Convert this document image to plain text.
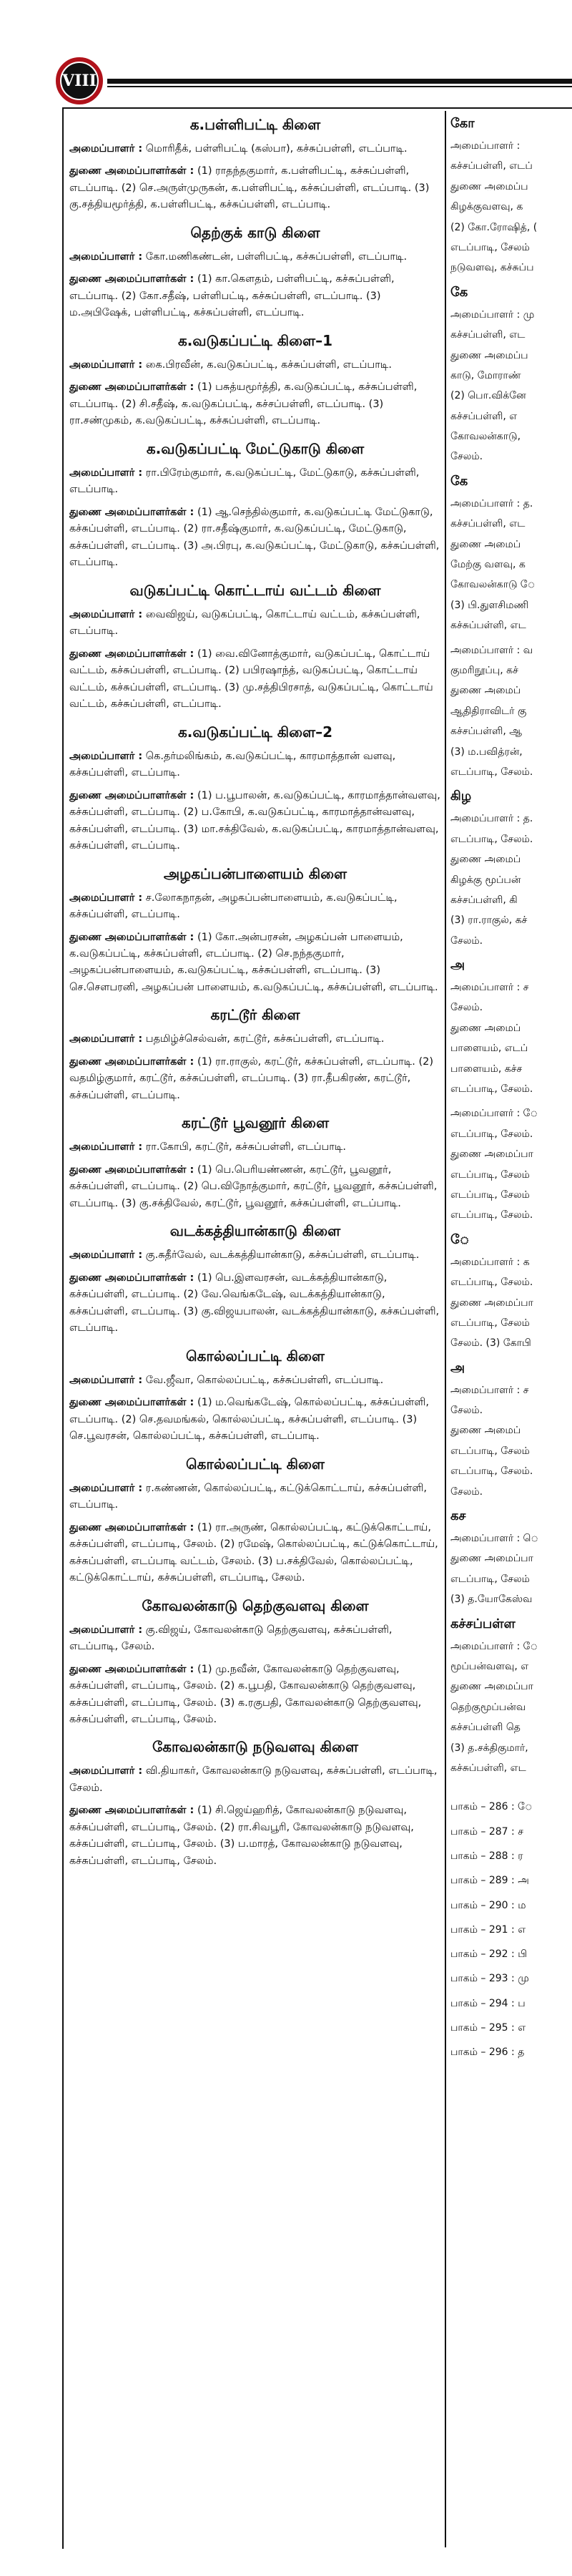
VIII
க.பள்ளிபட்டி கிளை

அமைப்பாளர் : மொரிதீக், பள்ளிபட்டி (கஸ்பா), கச்சுப்பள்ளி, எடப்பாடி.

துணை அமைப்பாளர்கள் : (1) ராதந்தகுமார், க.பள்ளிபட்டி, கச்சுப்பள்ளி, எடப்பாடி. (2) செ.அருள்முருகன், க.பள்ளிபட்டி, கச்சுப்பள்ளி, எடப்பாடி. (3) கு.சத்தியமூர்த்தி, க.பள்ளிபட்டி, கச்சுப்பள்ளி, எடப்பாடி.

தெற்குக் காடு கிளை

அமைப்பாளர் : கோ.மணிகண்டன், பள்ளிபட்டி, கச்சுப்பள்ளி, எடப்பாடி.

துணை அமைப்பாளர்கள் : (1) கா.கௌதம், பள்ளிபட்டி, கச்சுப்பள்ளி, எடப்பாடி. (2) கோ.சதீஷ், பள்ளிபட்டி, கச்சுப்பள்ளி, எடப்பாடி. (3) ம.அபிஷேக், பள்ளிபட்டி, கச்சுப்பள்ளி, எடப்பாடி.

க.வடுகப்பட்டி கிளை–1

அமைப்பாளர் : கை.பிரவீன், க.வடுகப்பட்டி, கச்சுப்பள்ளி, எடப்பாடி.

துணை அமைப்பாளர்கள் : (1) பசுத்யமூர்த்தி, க.வடுகப்பட்டி, கச்சுப்பள்ளி, எடப்பாடி. (2) சி.சதீஷ், க.வடுகப்பட்டி, கச்சப்பள்ளி, எடப்பாடி. (3) ரா.சண்முகம், க.வடுகப்பட்டி, கச்சுப்பள்ளி, எடப்பாடி.

க.வடுகப்பட்டி மேட்டுகாடு கிளை

அமைப்பாளர் : ரா.பிரேம்குமார், க.வடுகப்பட்டி, மேட்டுகாடு, கச்சுப்பள்ளி, எடப்பாடி.

துணை அமைப்பாளர்கள் : (1) ஆ.செந்தில்குமார், க.வடுகப்பட்டி மேட்டுகாடு, கச்சுப்பள்ளி, எடப்பாடி. (2) ரா.சதீஷ்குமார், க.வடுகப்பட்டி, மேட்டுகாடு, கச்சுப்பள்ளி, எடப்பாடி. (3) அ.பிரபு, க.வடுகப்பட்டி, மேட்டுகாடு, கச்சுப்பள்ளி, எடப்பாடி.

வடுகப்பட்டி கொட்டாய் வட்டம் கிளை

அமைப்பாளர் : வைவிஜய், வடுகப்பட்டி, கொட்டாய் வட்டம், கச்சுப்பள்ளி, எடப்பாடி.

துணை அமைப்பாளர்கள் : (1) வை.வினோத்குமார், வடுகப்பட்டி, கொட்டாய் வட்டம், கச்சுப்பள்ளி, எடப்பாடி. (2) பபிரஷாந்த், வடுகப்பட்டி, கொட்டாய் வட்டம், கச்சுப்பள்ளி, எடப்பாடி. (3) மு.சத்திபிரசாத், வடுகப்பட்டி, கொட்டாய் வட்டம், கச்சுப்பள்ளி, எடப்பாடி.

க.வடுகப்பட்டி கிளை–2

அமைப்பாளர் : கெ.தர்மலிங்கம், க.வடுகப்பட்டி, காரமாத்தான் வளவு, கச்சுப்பள்ளி, எடப்பாடி.

துணை அமைப்பாளர்கள் : (1) ப.பூபாலன், க.வடுகப்பட்டி, காரமாத்தான்வளவு, கச்சுப்பள்ளி, எடப்பாடி. (2) ப.கோபி, க.வடுகப்பட்டி, காரமாத்தான்வளவு, கச்சுப்பள்ளி, எடப்பாடி. (3) மா.சக்திவேல், க.வடுகப்பட்டி, காரமாத்தான்வளவு, கச்சுப்பள்ளி, எடப்பாடி.

அழகப்பன்பாளையம் கிளை

அமைப்பாளர் : ச.லோகநாதன், அழகப்பன்பாளையம், க.வடுகப்பட்டி, கச்சுப்பள்ளி, எடப்பாடி.

துணை அமைப்பாளர்கள் : (1) கோ.அன்பரசன், அழகப்பன் பாளையம், க.வடுகப்பட்டி, கச்சுப்பள்ளி, எடப்பாடி. (2) செ.நந்தகுமார், அழகப்பன்பாளையம், க.வடுகப்பட்டி, கச்சுப்பள்ளி, எடப்பாடி. (3) செ.சௌபரனி, அழகப்பன் பாளையம், க.வடுகப்பட்டி, கச்சுப்பள்ளி, எடப்பாடி.

கரட்டூர் கிளை

அமைப்பாளர் : பதமிழ்ச்செல்வன், கரட்டூர், கச்சுப்பள்ளி, எடப்பாடி.

துணை அமைப்பாளர்கள் : (1) ரா.ராகுல், கரட்டூர், கச்சுப்பள்ளி, எடப்பாடி. (2) வதமிழ்குமார், கரட்டூர், கச்சுப்பள்ளி, எடப்பாடி. (3) ரா.தீபகிரண், கரட்டூர், கச்சுப்பள்ளி, எடப்பாடி.

கரட்டூர் பூவனூர் கிளை

அமைப்பாளர் : ரா.கோபி, கரட்டூர், கச்சுப்பள்ளி, எடப்பாடி.

துணை அமைப்பாளர்கள் : (1) பெ.பெரியண்ணன், கரட்டூர், பூவனூர், கச்சுப்பள்ளி, எடப்பாடி. (2) பெ.விநோத்குமார், கரட்டூர், பூவனூர், கச்சுப்பள்ளி, எடப்பாடி. (3) கு.சக்திவேல், கரட்டூர், பூவனூர், கச்சுப்பள்ளி, எடப்பாடி.

வடக்கத்தியான்காடு கிளை

அமைப்பாளர் : கு.சுதீர்வேல், வடக்கத்தியான்காடு, கச்சுப்பள்ளி, எடப்பாடி.

துணை அமைப்பாளர்கள் : (1) பெ.இளவரசன், வடக்கத்தியான்காடு, கச்சுப்பள்ளி, எடப்பாடி. (2) வே.வெங்கடேஷ், வடக்கத்தியான்காடு, கச்சுப்பள்ளி, எடப்பாடி. (3) கு.விஜயபாலன், வடக்கத்தியான்காடு, கச்சுப்பள்ளி, எடப்பாடி.

கொல்லப்பட்டி கிளை

அமைப்பாளர் : வே.ஜீவா, கொல்லப்பட்டி, கச்சுப்பள்ளி, எடப்பாடி.

துணை அமைப்பாளர்கள் : (1) ம.வெங்கடேஷ், கொல்லப்பட்டி, கச்சுப்பள்ளி, எடப்பாடி. (2) செ.தவமங்கல், கொல்லப்பட்டி, கச்சுப்பள்ளி, எடப்பாடி. (3) செ.பூவரசன், கொல்லப்பட்டி, கச்சுப்பள்ளி, எடப்பாடி.

கொல்லப்பட்டி கிளை

அமைப்பாளர் : ர.கண்ணன், கொல்லப்பட்டி, கட்டுக்கொட்டாய், கச்சுப்பள்ளி, எடப்பாடி.

துணை அமைப்பாளர்கள் : (1) ரா.அருண், கொல்லப்பட்டி, கட்டுக்கொட்டாய், கச்சுப்பள்ளி, எடப்பாடி, சேலம். (2) ரமேஷ், கொல்லப்பட்டி, கட்டுக்கொட்டாய், கச்சுப்பள்ளி, எடப்பாடி வட்டம், சேலம். (3) ப.சக்திவேல், கொல்லப்பட்டி, கட்டுக்கொட்டாய், கச்சுப்பள்ளி, எடப்பாடி, சேலம்.

கோவலன்காடு தெற்குவளவு கிளை

அமைப்பாளர் : கு.விஜய், கோவலன்காடு தெற்குவளவு, கச்சுப்பள்ளி, எடப்பாடி, சேலம்.

துணை அமைப்பாளர்கள் : (1) மு.நவீன், கோவலன்காடு தெற்குவளவு, கச்சுப்பள்ளி, எடப்பாடி, சேலம். (2) க.பூபதி, கோவலன்காடு தெற்குவளவு, கச்சுப்பள்ளி, எடப்பாடி, சேலம். (3) க.ரகுபதி, கோவலன்காடு தெற்குவளவு, கச்சுப்பள்ளி, எடப்பாடி, சேலம்.

கோவலன்காடு நடுவளவு கிளை

அமைப்பாளர் : வி.தியாகர், கோவலன்காடு நடுவளவு, கச்சுப்பள்ளி, எடப்பாடி, சேலம்.

துணை அமைப்பாளர்கள் : (1) சி.ஜெய்ஹரித், கோவலன்காடு நடுவளவு, கச்சுப்பள்ளி, எடப்பாடி, சேலம். (2) ரா.சிவபூரி, கோவலன்காடு நடுவளவு, கச்சுப்பள்ளி, எடப்பாடி, சேலம். (3) ப.மாரத், கோவலன்காடு நடுவளவு, கச்சுப்பள்ளி, எடப்பாடி, சேலம்.

கோ

அமைப்பாளர் :

கச்சப்பள்ளி, எடப்

துணை அமைப்ப

கிழக்குவளவு, க

(2) கோ.ரோஷித், (

எடப்பாடி, சேலம்

நடுவளவு, கச்சுப்ப

கே

அமைப்பாளர் : மு

கச்சப்பள்ளி, எட

துணை அமைப்ப

காடு, மோராண்

(2) பொ.விக்னே

கச்சப்பள்ளி, எ

கோவலன்காடு,

சேலம்.

கே

அமைப்பாளர் : த.

கச்சப்பள்ளி, எட

துணை அமைப்

மேற்கு வளவு, க

கோவலன்காடு ே

(3) பி.துளசிமணி

கச்சுப்பள்ளி, எட

அமைப்பாளர் : வ

குமரிநூப்பு, கச்

துணை அமைப்

ஆதிதிராவிடர் கு

கச்சப்பள்ளி, ஆ

(3) ம.பவித்ரன்,

எடப்பாடி, சேலம்.

கிழ

அமைப்பாளர் : த.

எடப்பாடி, சேலம்.

துணை அமைப்

கிழக்கு மூப்பன்

கச்சப்பள்ளி, கி

(3) ரா.ராகுல், கச்

சேலம்.

அ

அமைப்பாளர் : ச

சேலம்.

துணை அமைப்

பாளையம், எடப்

பாளையம், கச்ச

எடப்பாடி, சேலம்.

அமைப்பாளர் : ே

எடப்பாடி, சேலம்.

துணை அமைப்பா

எடப்பாடி, சேலம்

எடப்பாடி, சேலம்

எடப்பாடி, சேலம்.

ே

அமைப்பாளர் : க

எடப்பாடி, சேலம்.

துணை அமைப்பா

எடப்பாடி, சேலம்

சேலம். (3) கோபி

அ

அமைப்பாளர் : ச

சேலம்.

துணை அமைப்

எடப்பாடி, சேலம்

எடப்பாடி, சேலம்.

சேலம்.

கச

அமைப்பாளர் : ெ

துணை அமைப்பா

எடப்பாடி, சேலம்

(3) த.யோகேஸ்வ

கச்சப்பள்ள

அமைப்பாளர் : ே

மூப்பன்வளவு, எ

துணை அமைப்பா

தெற்குமூப்பன்வ

கச்சப்பள்ளி தெ

(3) த.சக்திகுமார்,

கச்சுப்பள்ளி, எட

பாகம் – 286 : ே
பாகம் – 287 : ச
பாகம் – 288 : ர
பாகம் – 289 : அ
பாகம் – 290 : ம
பாகம் – 291 : எ
பாகம் – 292 : பி
பாகம் – 293 : மு
பாகம் – 294 : ப
பாகம் – 295 : எ
பாகம் – 296 : த
